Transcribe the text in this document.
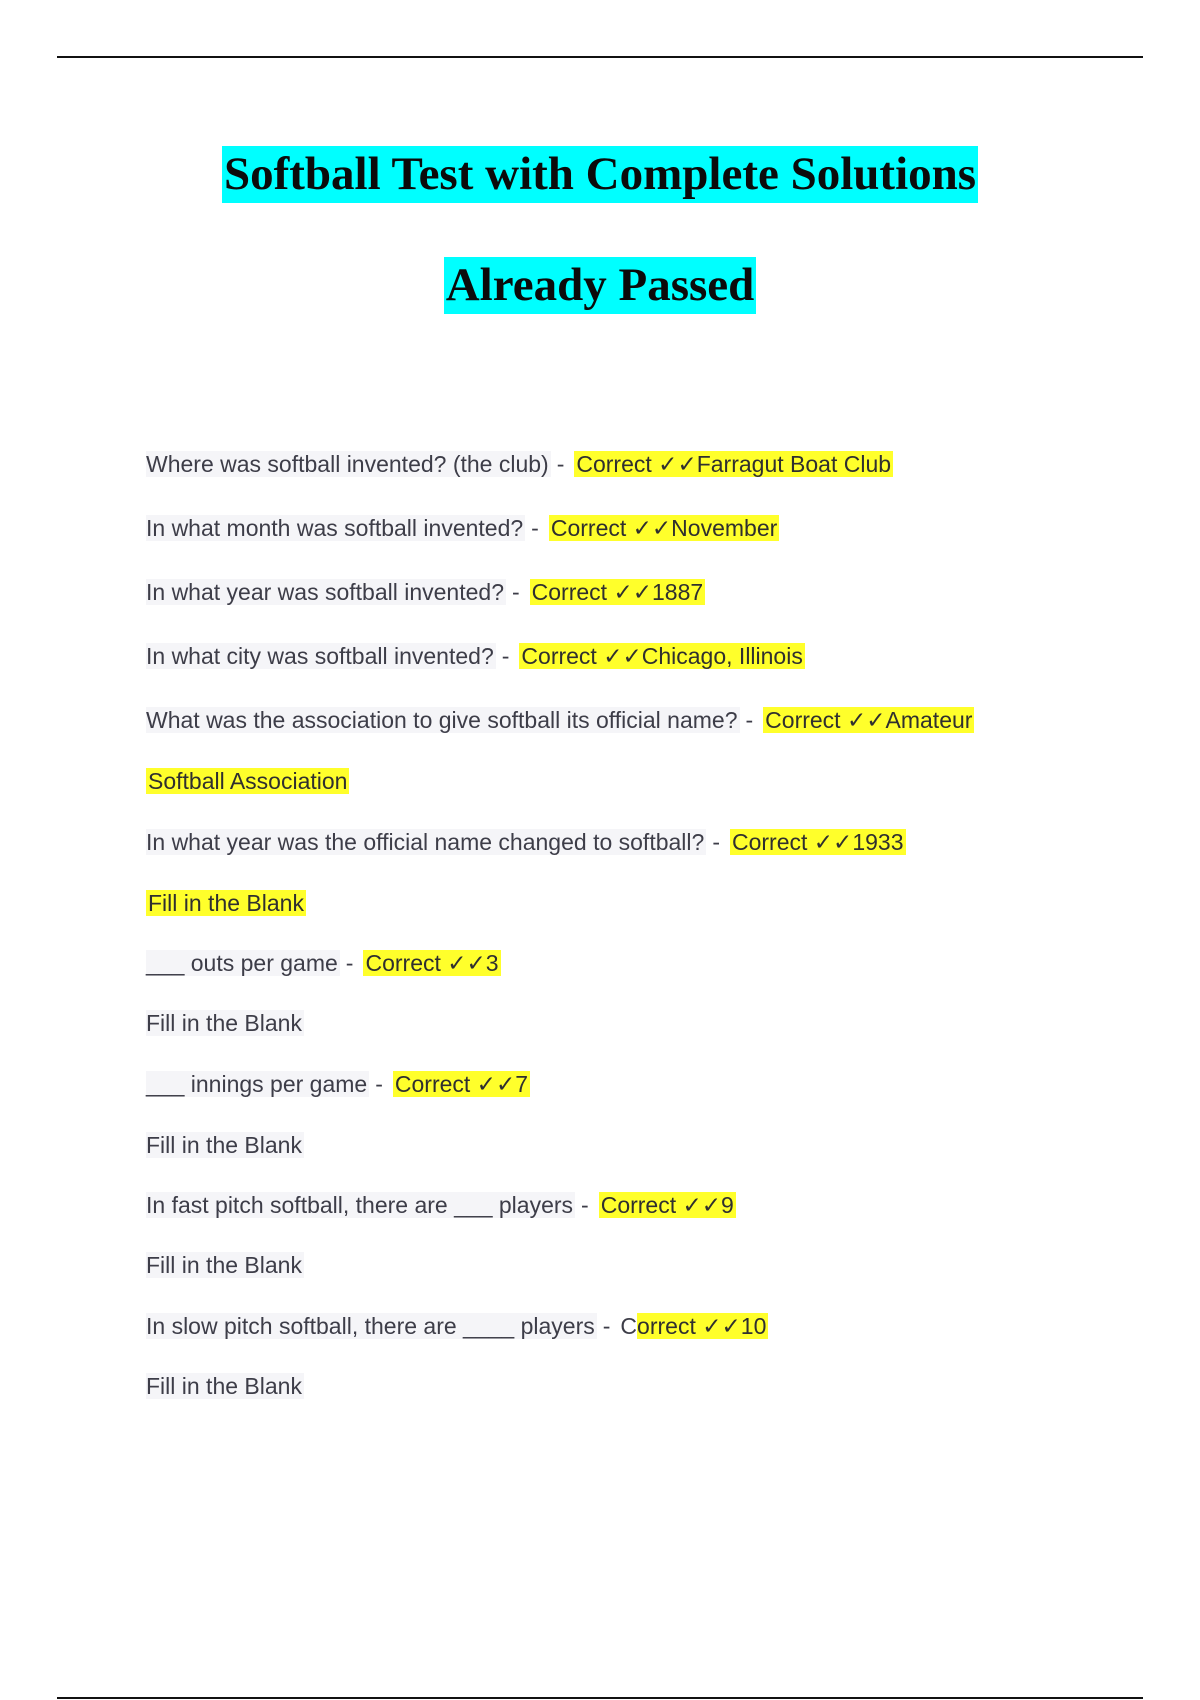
Softball Test with Complete Solutions
Already Passed
Where was softball invented? (the club) - Correct ✓✓Farragut Boat Club
In what month was softball invented? - Correct ✓✓November
In what year was softball invented? - Correct ✓✓1887
In what city was softball invented? - Correct ✓✓Chicago, Illinois
What was the association to give softball its official name? - Correct ✓✓Amateur
Softball Association
In what year was the official name changed to softball? - Correct ✓✓1933
Fill in the Blank
___ outs per game - Correct ✓✓3
Fill in the Blank
___ innings per game - Correct ✓✓7
Fill in the Blank
In fast pitch softball, there are ___ players - Correct ✓✓9
Fill in the Blank
In slow pitch softball, there are ____ players - Correct ✓✓10
Fill in the Blank
